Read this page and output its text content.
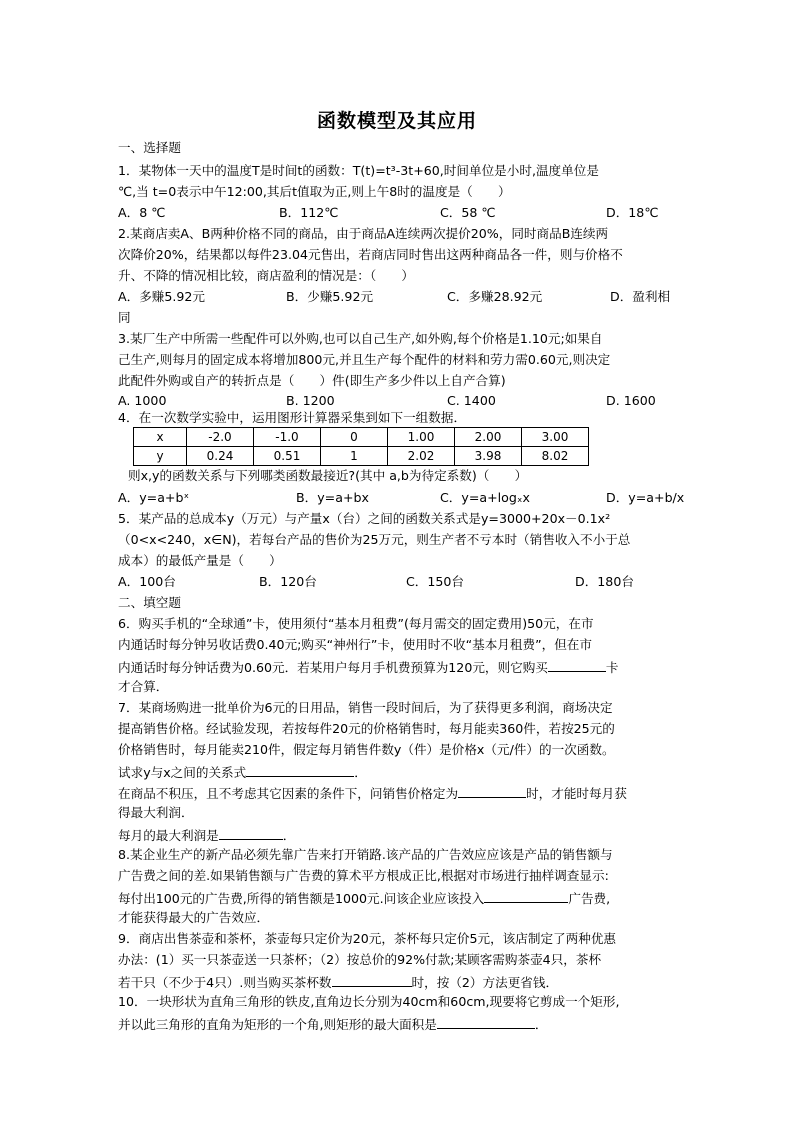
函数模型及其应用
一、选择题
1．某物体一天中的温度T是时间t的函数：T(t)=t³-3t+60,时间单位是小时,温度单位是
℃,当 t=0表示中午12:00,其后t值取为正,则上午8时的温度是（　　）
A．8 ℃	B．112℃	C．58 ℃	D．18℃
2.某商店卖A、B两种价格不同的商品，由于商品A连续两次提价20%，同时商品B连续两
次降价20%，结果都以每件23.04元售出，若商店同时售出这两种商品各一件，则与价格不
升、不降的情况相比较，商店盈利的情况是：（　　）
A．多赚5.92元	B．少赚5.92元	C．多赚28.92元	D．盈利相
同
3.某厂生产中所需一些配件可以外购,也可以自己生产,如外购,每个价格是1.10元;如果自
己生产,则每月的固定成本将增加800元,并且生产每个配件的材料和劳力需0.60元,则决定
此配件外购或自产的转折点是（　　）件(即生产多少件以上自产合算)
A. 1000	B. 1200	C. 1400	D. 1600
4．在一次数学实验中，运用图形计算器采集到如下一组数据．
x	-2.0	-1.0	0	1.00	2.00	3.00
y	0.24	0.51	1	2.02	3.98	8.02
则x,y的函数关系与下列哪类函数最接近?(其中 a,b为待定系数)（　　）
A．y=a+bˣ	B．y=a+bx	C．y=a+logₓx	D．y=a+b/x
5．某产品的总成本y（万元）与产量x（台）之间的函数关系式是y=3000+20x－0.1x²
（0<x<240，x∈N)，若每台产品的售价为25万元，则生产者不亏本时（销售收入不小于总
成本）的最低产量是（　　）
A．100台	B．120台	C．150台	D．180台
二、填空题
6．购买手机的“全球通”卡，使用须付“基本月租费”(每月需交的固定费用)50元，在市
内通话时每分钟另收话费0.40元;购买“神州行”卡，使用时不收“基本月租费”，但在市
内通话时每分钟话费为0.60元．若某用户每月手机费预算为120元，则它购买	卡
才合算．
7．某商场购进一批单价为6元的日用品，销售一段时间后，为了获得更多利润，商场决定
提高销售价格。经试验发现，若按每件20元的价格销售时，每月能卖360件，若按25元的
价格销售时，每月能卖210件，假定每月销售件数y（件）是价格x（元/件）的一次函数。
试求y与x之间的关系式	．
在商品不积压，且不考虑其它因素的条件下，问销售价格定为	时，才能时每月获
得最大利润．
每月的最大利润是	．
8.某企业生产的新产品必须先靠广告来打开销路.该产品的广告效应应该是产品的销售额与
广告费之间的差.如果销售额与广告费的算术平方根成正比,根据对市场进行抽样调查显示:
每付出100元的广告费,所得的销售额是1000元.问该企业应该投入	广告费,
才能获得最大的广告效应．
9．商店出售茶壶和茶杯，茶壶每只定价为20元，茶杯每只定价5元，该店制定了两种优惠
办法：(1）买一只茶壶送一只茶杯；（2）按总价的92%付款;某顾客需购茶壶4只，茶杯
若干只（不少于4只）.则当购买茶杯数	时，按（2）方法更省钱．
10．一块形状为直角三角形的铁皮,直角边长分别为40cm和60cm,现要将它剪成一个矩形,
并以此三角形的直角为矩形的一个角,则矩形的最大面积是	．
